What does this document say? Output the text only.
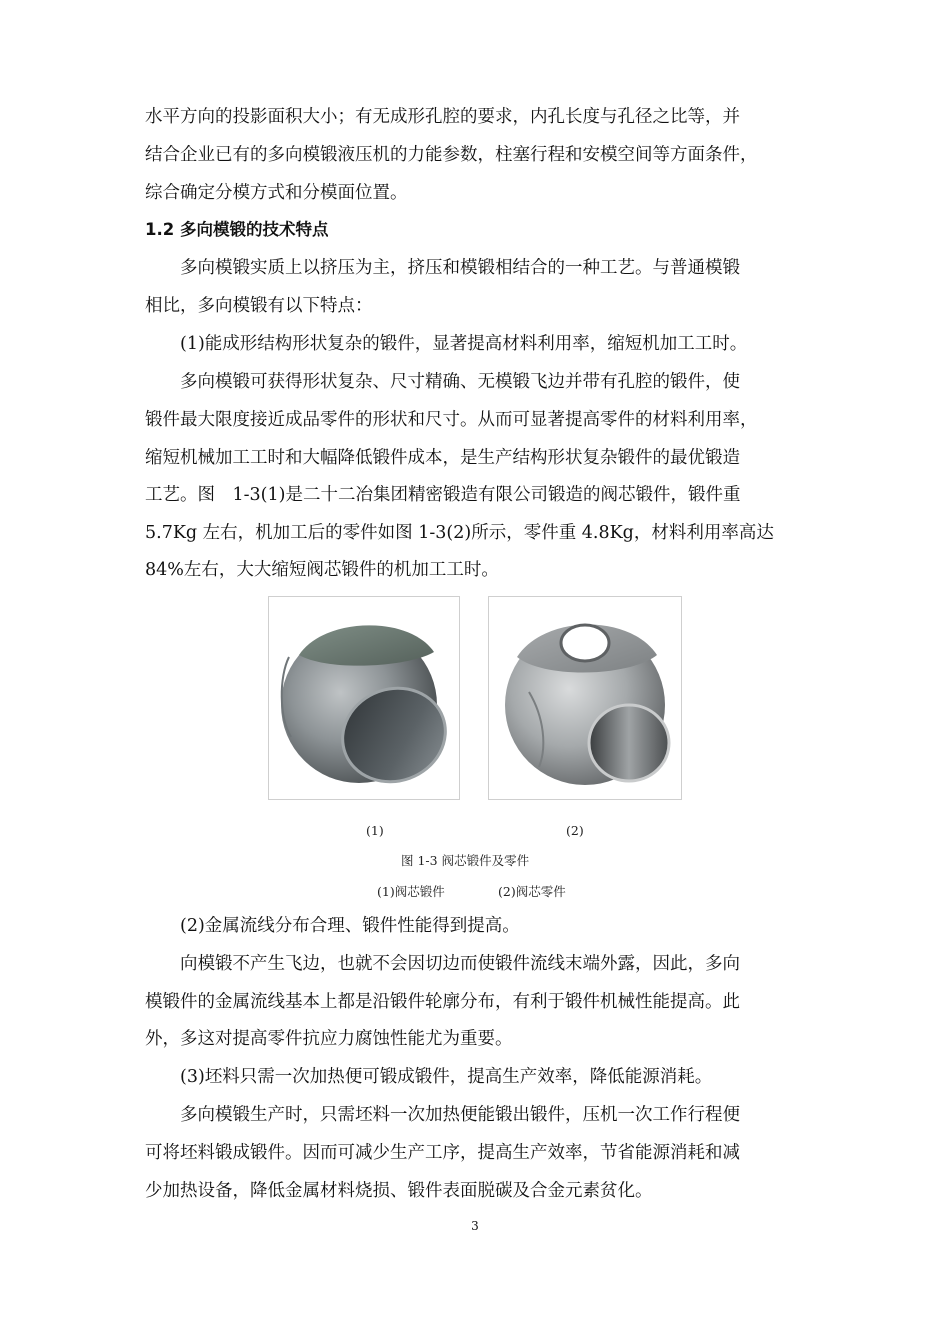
水平方向的投影面积大小；有无成形孔腔的要求，内孔长度与孔径之比等，并
结合企业已有的多向模锻液压机的力能参数，柱塞行程和安模空间等方面条件，
综合确定分模方式和分模面位置。
1.2 多向模锻的技术特点
　　多向模锻实质上以挤压为主，挤压和模锻相结合的一种工艺。与普通模锻
相比，多向模锻有以下特点：
　　(1)能成形结构形状复杂的锻件，显著提高材料利用率，缩短机加工工时。
　　多向模锻可获得形状复杂、尺寸精确、无模锻飞边并带有孔腔的锻件，使
锻件最大限度接近成品零件的形状和尺寸。从而可显著提高零件的材料利用率，
缩短机械加工工时和大幅降低锻件成本，是生产结构形状复杂锻件的最优锻造
工艺。图　1-3(1)是二十二冶集团精密锻造有限公司锻造的阀芯锻件，锻件重
5.7Kg 左右，机加工后的零件如图 1-3(2)所示，零件重 4.8Kg，材料利用率高达
84%左右，大大缩短阀芯锻件的机加工工时。
(1)	(2)
图 1-3 阀芯锻件及零件
(1)阀芯锻件	(2)阀芯零件
　　(2)金属流线分布合理、锻件性能得到提高。
　　向模锻不产生飞边，也就不会因切边而使锻件流线末端外露，因此，多向
模锻件的金属流线基本上都是沿锻件轮廓分布，有利于锻件机械性能提高。此
外，多这对提高零件抗应力腐蚀性能尤为重要。
　　(3)坯料只需一次加热便可锻成锻件，提高生产效率，降低能源消耗。
　　多向模锻生产时，只需坯料一次加热便能锻出锻件，压机一次工作行程便
可将坯料锻成锻件。因而可减少生产工序，提高生产效率，节省能源消耗和减
少加热设备，降低金属材料烧损、锻件表面脱碳及合金元素贫化。
3
